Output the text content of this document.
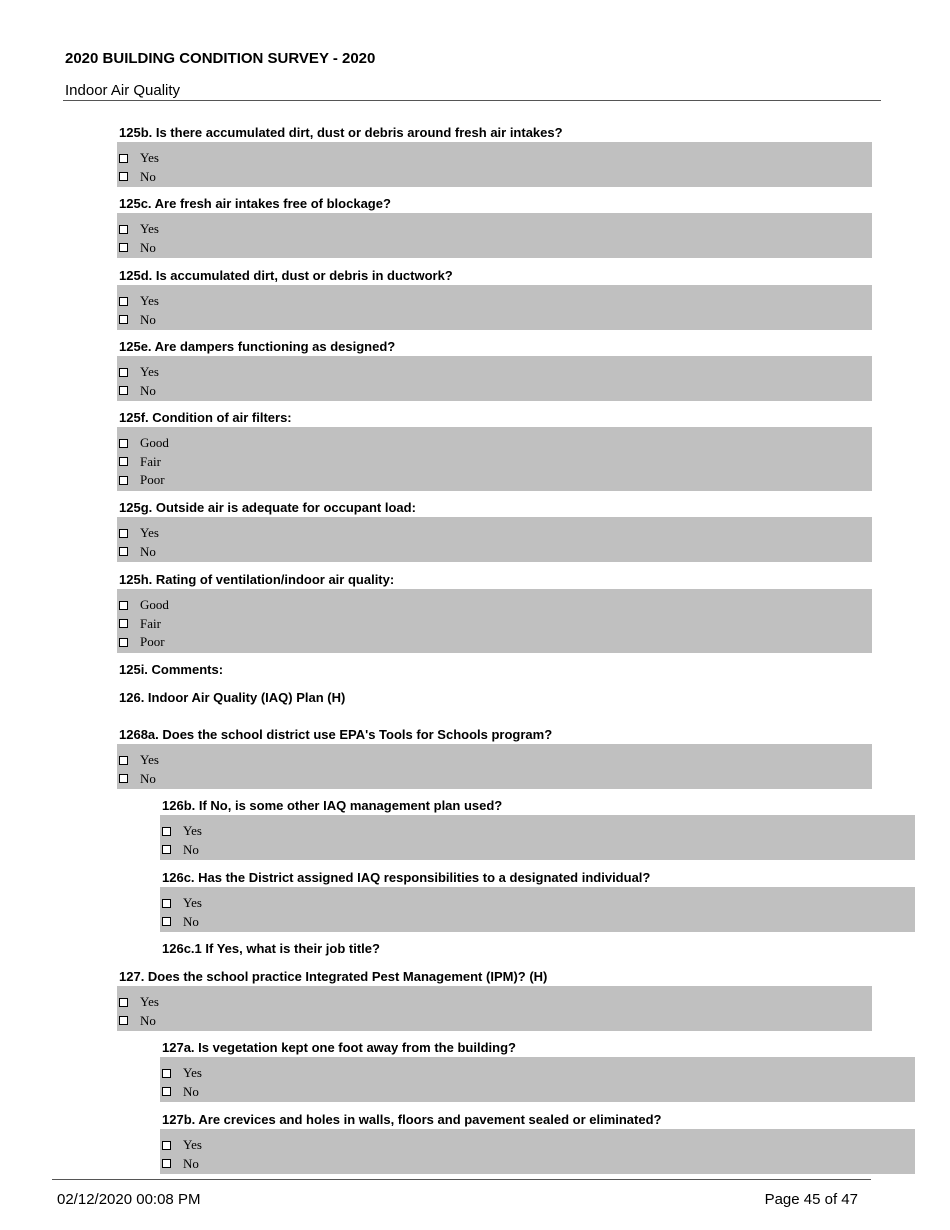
2020 BUILDING CONDITION SURVEY - 2020
Indoor Air Quality
125b. Is there accumulated dirt, dust or debris around fresh air intakes?
Yes
No
125c. Are fresh air intakes free of blockage?
Yes
No
125d. Is accumulated dirt, dust or debris in ductwork?
Yes
No
125e. Are dampers functioning as designed?
Yes
No
125f. Condition of air filters:
Good
Fair
Poor
125g. Outside air is adequate for occupant load:
Yes
No
125h. Rating of ventilation/indoor air quality:
Good
Fair
Poor
125i. Comments:
126. Indoor Air Quality (IAQ) Plan (H)
1268a. Does the school district use EPA's Tools for Schools program?
Yes
No
126b. If No, is some other IAQ management plan used?
Yes
No
126c. Has the District assigned IAQ responsibilities to a designated individual?
Yes
No
126c.1 If Yes, what is their job title?
127. Does the school practice Integrated Pest Management (IPM)? (H)
Yes
No
127a. Is vegetation kept one foot away from the building?
Yes
No
127b. Are crevices and holes in walls, floors and pavement sealed or eliminated?
Yes
No
02/12/2020 00:08 PM	Page 45 of 47
